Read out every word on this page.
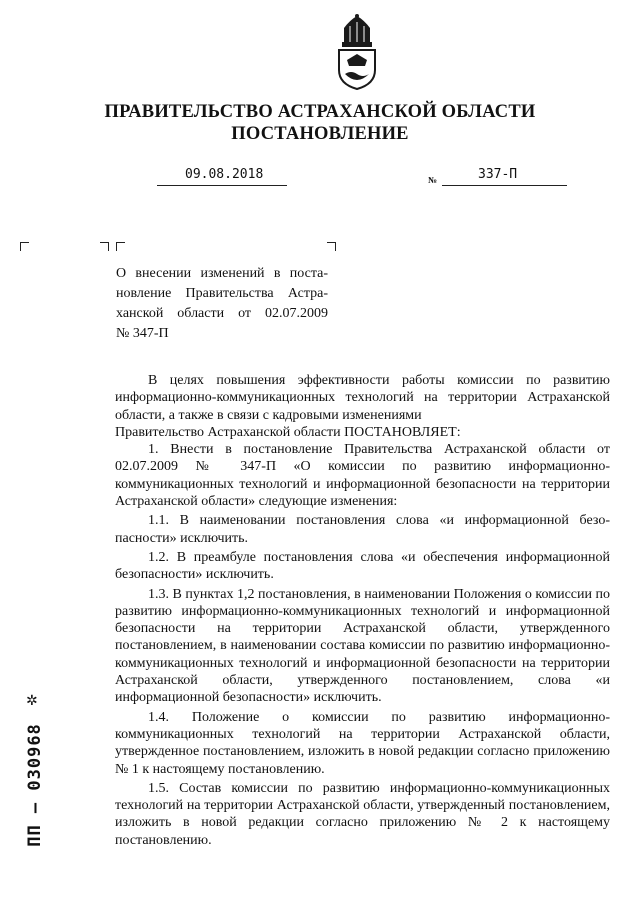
ПРАВИТЕЛЬСТВО АСТРАХАНСКОЙ ОБЛАСТИ
ПОСТАНОВЛЕНИЕ
09.08.2018	№	337-П
О внесении изменений в поста-
новление Правительства Астра-
ханской области от 02.07.2009
№ 347-П

В целях повышения эффективности работы комиссии по развитию информационно-коммуникационных технологий на территории Астраханской области, а также в связи с кадровыми изменениями

Правительство Астраханской области ПОСТАНОВЛЯЕТ:

1. Внести в постановление Правительства Астраханской области от 02.07.2009 № 347-П «О комиссии по развитию информационно-коммуникационных технологий и информационной безопасности на территории Астраханской области» следующие изменения:

1.1. В наименовании постановления слова «и информационной безо-пасности» исключить.

1.2. В преамбуле постановления слова «и обеспечения информационной безопасности» исключить.

1.3. В пунктах 1,2 постановления, в наименовании Положения о комиссии по развитию информационно-коммуникационных технологий и информационной безопасности на территории Астраханской области, утвержденного постановлением, в наименовании состава комиссии по развитию информационно-коммуникационных технологий и информационной безопасности на территории Астраханской области, утвержденного постановлением, слова «и информационной безопасности» исключить.

1.4. Положение о комиссии по развитию информационно-коммуникационных технологий на территории Астраханской области, утвержденное постановлением, изложить в новой редакции согласно приложению № 1 к настоящему постановлению.

1.5. Состав комиссии по развитию информационно-коммуникационных технологий на территории Астраханской области, утвержденный постановлением, изложить в новой редакции согласно приложению № 2 к настоящему постановлению.

✲
ПП – 030968
